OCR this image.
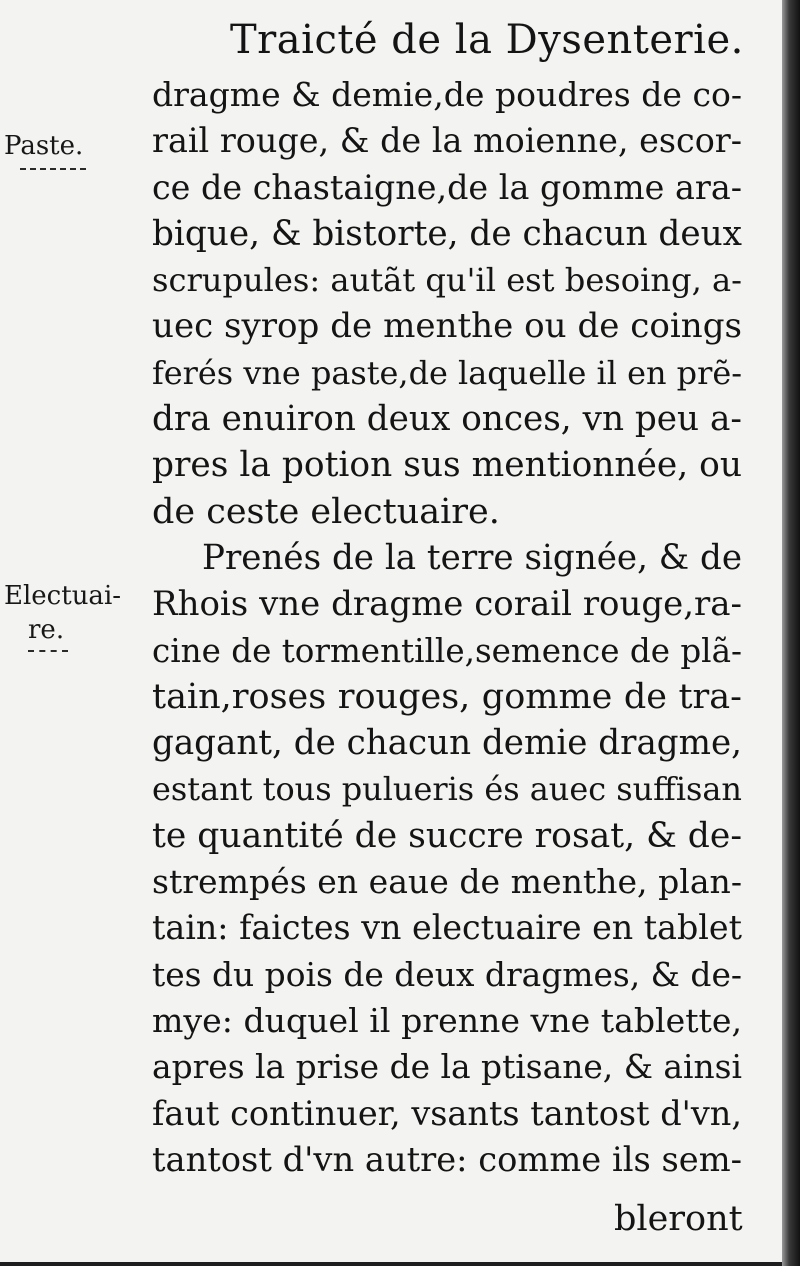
Traicté de la Dysenterie.
Paste.
Electuai-
re.
dragme & demie,de poudres de co-
rail rouge, & de la moienne, escor-
ce de chastaigne,de la gomme ara-
bique, & bistorte, de chacun deux
scrupules: autãt qu'il est besoing, a-
uec syrop de menthe ou de coings
ferés vne paste,de laquelle il en prẽ-
dra enuiron deux onces, vn peu a-
pres la potion sus mentionnée, ou
de ceste electuaire.
Prenés de la terre signée, & de
Rhois vne dragme corail rouge,ra-
cine de tormentille,semence de plã-
tain,roses rouges, gomme de tra-
gagant, de chacun demie dragme,
estant tous pulueris és auec suffisan
te quantité de succre rosat, & de-
strempés en eaue de menthe, plan-
tain: faictes vn electuaire en tablet
tes du pois de deux dragmes, & de-
mye: duquel il prenne vne tablette,
apres la prise de la ptisane, & ainsi
faut continuer, vsants tantost d'vn,
tantost d'vn autre: comme ils sem-
bleront
